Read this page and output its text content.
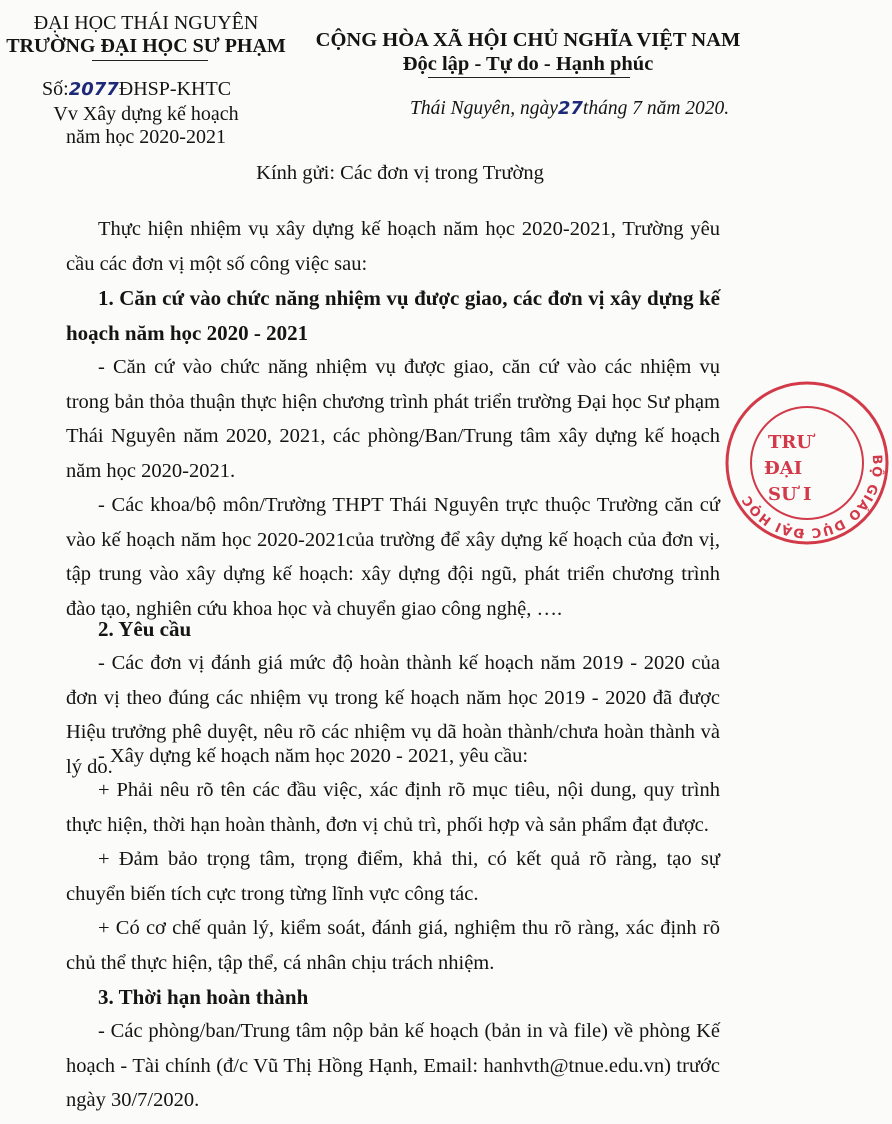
ĐẠI HỌC THÁI NGUYÊN
TRƯỜNG ĐẠI HỌC SƯ PHẠM
Số:2077ĐHSP-KHTC
Vv Xây dựng kế hoạch
năm học 2020-2021
CỘNG HÒA XÃ HỘI CHỦ NGHĨA VIỆT NAM
Độc lập - Tự do - Hạnh phúc
Thái Nguyên, ngày27tháng 7 năm 2020.
Kính gửi: Các đơn vị trong Trường
Thực hiện nhiệm vụ xây dựng kế hoạch năm học 2020-2021, Trường yêu cầu các đơn vị một số công việc sau:
1. Căn cứ vào chức năng nhiệm vụ được giao, các đơn vị xây dựng kế hoạch năm học 2020 - 2021
- Căn cứ vào chức năng nhiệm vụ được giao, căn cứ vào các nhiệm vụ trong bản thỏa thuận thực hiện chương trình phát triển trường Đại học Sư phạm Thái Nguyên năm 2020, 2021, các phòng/Ban/Trung tâm xây dựng kế hoạch năm học 2020-2021.
- Các khoa/bộ môn/Trường THPT Thái Nguyên trực thuộc Trường căn cứ vào kế hoạch năm học 2020-2021của trường để xây dựng kế hoạch của đơn vị, tập trung vào xây dựng kế hoạch: xây dựng đội ngũ, phát triển chương trình đào tạo, nghiên cứu khoa học và chuyển giao công nghệ, ….
2. Yêu cầu
- Các đơn vị đánh giá mức độ hoàn thành kế hoạch năm 2019 - 2020 của đơn vị theo đúng các nhiệm vụ trong kế hoạch năm học 2019 - 2020 đã được Hiệu trưởng phê duyệt, nêu rõ các nhiệm vụ dã hoàn thành/chưa hoàn thành và lý do.
- Xây dựng kế hoạch năm học 2020 - 2021, yêu cầu:
+ Phải nêu rõ tên các đầu việc, xác định rõ mục tiêu, nội dung, quy trình thực hiện, thời hạn hoàn thành, đơn vị chủ trì, phối hợp và sản phẩm đạt được.
+ Đảm bảo trọng tâm, trọng điểm, khả thi, có kết quả rõ ràng, tạo sự chuyển biến tích cực trong từng lĩnh vực công tác.
+ Có cơ chế quản lý, kiểm soát, đánh giá, nghiệm thu rõ ràng, xác định rõ chủ thể thực hiện, tập thể, cá nhân chịu trách nhiệm.
3. Thời hạn hoàn thành
- Các phòng/ban/Trung tâm nộp bản kế hoạch (bản in và file) về phòng Kế hoạch - Tài chính (đ/c Vũ Thị Hồng Hạnh, Email: hanhvth@tnue.edu.vn) trước ngày 30/7/2020.
BỘ GIÁO DỤC ĐẠI HỌC
TRƯ
ĐẠI
SƯ I
